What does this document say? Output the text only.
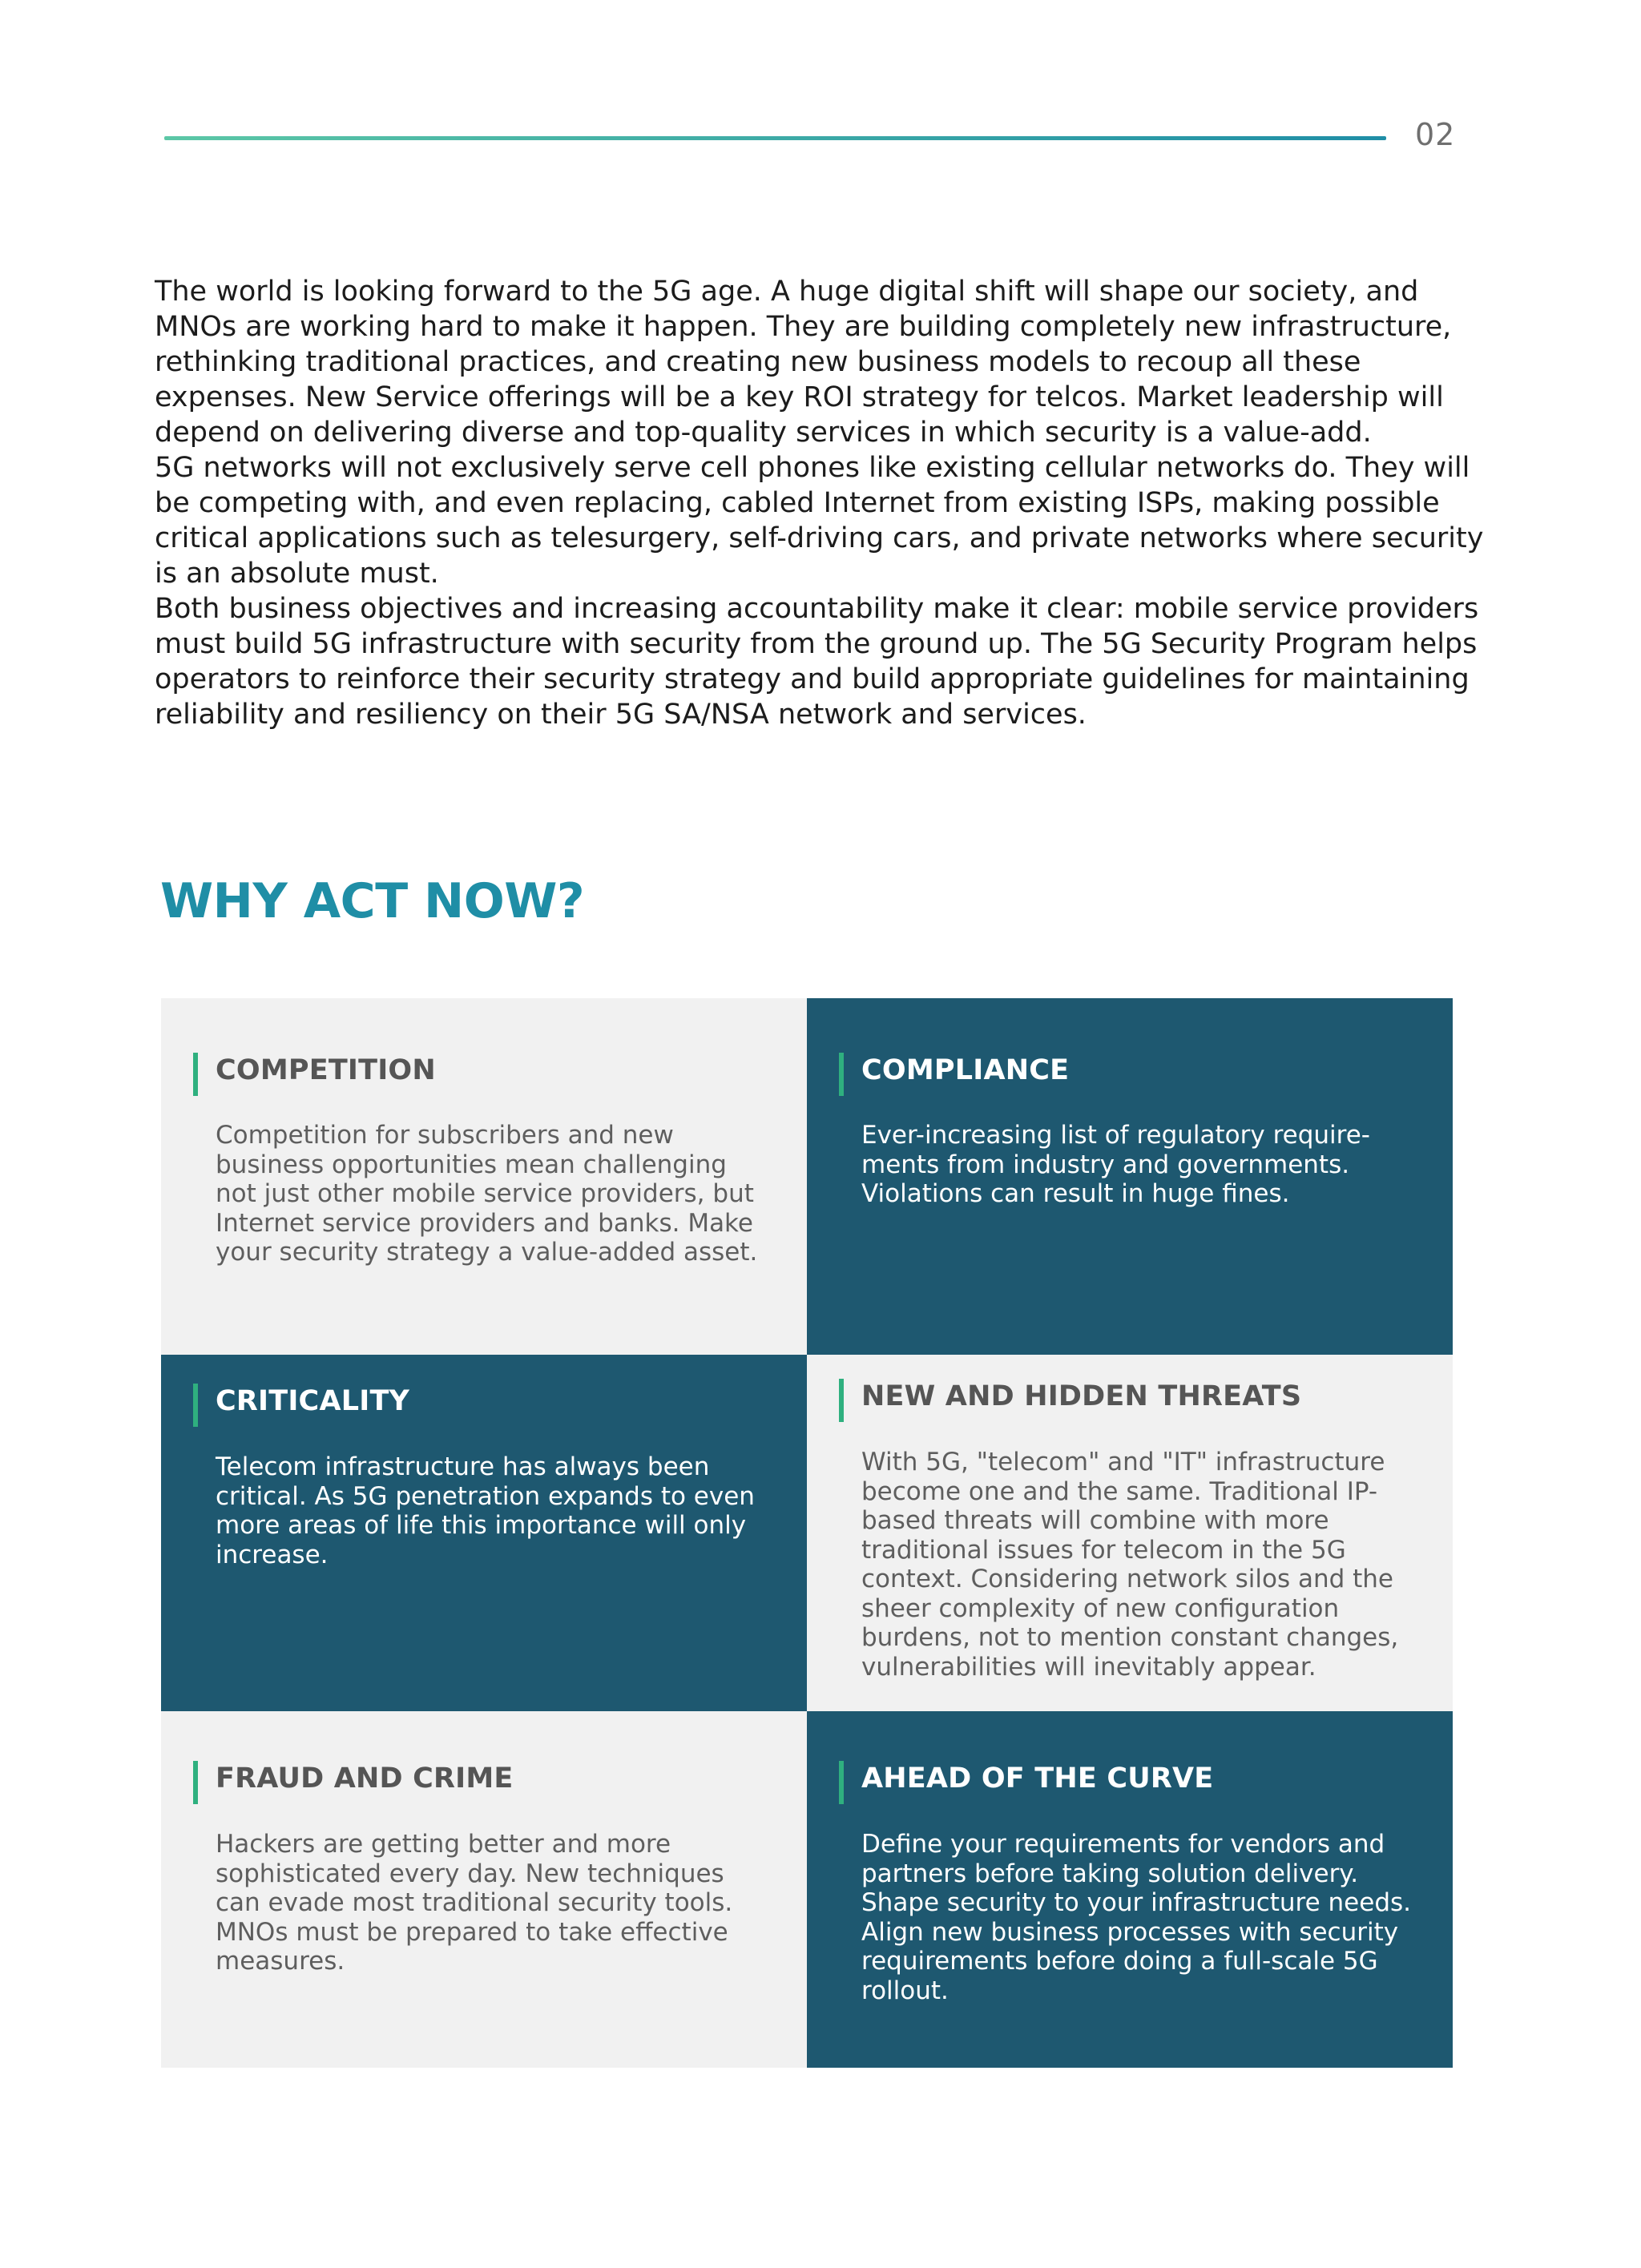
02

The world is looking forward to the 5G age. A huge digital shift will shape our society, and MNOs are working hard to make it happen. They are building completely new infrastructure, rethinking traditional practices, and creating new business models to recoup all these expenses. New Service offerings will be a key ROI strategy for telcos. Market leadership will depend on delivering diverse and top-quality services in which security is a value-add.

5G networks will not exclusively serve cell phones like existing cellular networks do. They will be competing with, and even replacing, cabled Internet from existing ISPs, making possible critical applications such as telesurgery, self-driving cars, and private networks where security is an absolute must.

Both business objectives and increasing accountability make it clear: mobile service providers must build 5G infrastructure with security from the ground up. The 5G Security Program helps operators to reinforce their security strategy and build appropriate guidelines for maintaining reliability and resiliency on their 5G SA/NSA network and services.

WHY ACT NOW?
COMPETITION

Competition for subscribers and new business opportunities mean challenging not just other mobile service providers, but Internet service providers and banks. Make your security strategy a value-added asset.

COMPLIANCE

Ever-increasing list of regulatory require-ments from industry and governments. Violations can result in huge fines.

CRITICALITY

Telecom infrastructure has always been critical. As 5G penetration expands to even more areas of life this importance will only increase.

NEW AND HIDDEN THREATS

With 5G, "telecom" and "IT" infrastructure become one and the same. Traditional IP-based threats will combine with more traditional issues for telecom in the 5G context. Considering network silos and the sheer complexity of new configuration burdens, not to mention constant changes, vulnerabilities will inevitably appear.

FRAUD AND CRIME

Hackers are getting better and more sophisticated every day. New techniques can evade most traditional security tools. MNOs must be prepared to take effective measures.

AHEAD OF THE CURVE

Define your requirements for vendors and partners before taking solution delivery. Shape security to your infrastructure needs. Align new business processes with security requirements before doing a full-scale 5G rollout.
